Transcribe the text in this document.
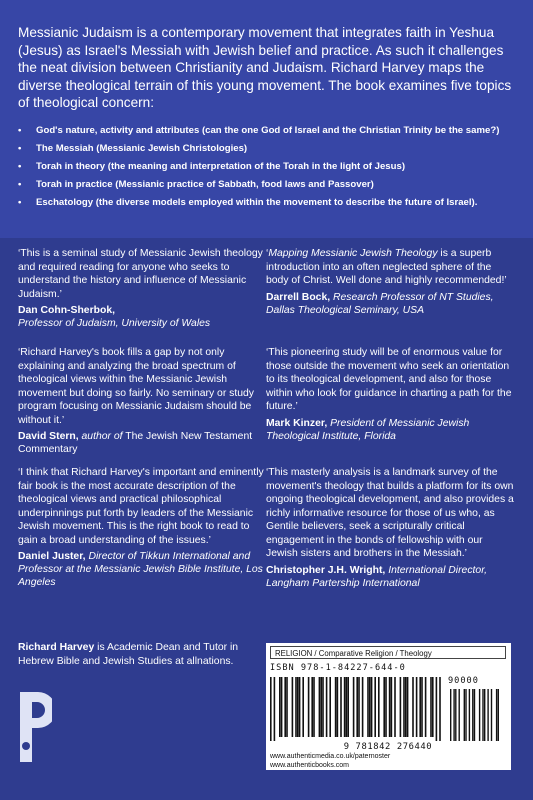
Messianic Judaism is a contemporary movement that integrates faith in Yeshua (Jesus) as Israel's Messiah with Jewish belief and practice. As such it challenges the neat division between Christianity and Judaism. Richard Harvey maps the diverse theological terrain of this young movement. The book examines five topics of theological concern:

• God's nature, activity and attributes (can the one God of Israel and the Christian Trinity be the same?)
• The Messiah (Messianic Jewish Christologies)
• Torah in theory (the meaning and interpretation of the Torah in the light of Jesus)
• Torah in practice (Messianic practice of Sabbath, food laws and Passover)
• Eschatology (the diverse models employed within the movement to describe the future of Israel).

‘This is a seminal study of Messianic Jewish theology and required reading for anyone who seeks to understand the history and influence of Messianic Judaism.’

Dan Cohn-Sherbok,
Professor of Judaism, University of Wales

‘Mapping Messianic Jewish Theology is a superb introduction into an often neglected sphere of the body of Christ. Well done and highly recommended!’

Darrell Bock, Research Professor of NT Studies, Dallas Theological Seminary, USA

‘Richard Harvey's book fills a gap by not only explaining and analyzing the broad spectrum of theological views within the Messianic Jewish movement but doing so fairly. No seminary or study program focusing on Messianic Judaism should be without it.’

David Stern, author of The Jewish New Testament Commentary

‘This pioneering study will be of enormous value for those outside the movement who seek an orientation to its theological development, and also for those within who look for guidance in charting a path for the future.’

Mark Kinzer, President of Messianic Jewish Theological Institute, Florida

‘I think that Richard Harvey's important and eminently fair book is the most accurate description of the theological views and practical philosophical underpinnings put forth by leaders of the Messianic Jewish movement. This is the right book to read to gain a broad understanding of the issues.’

Daniel Juster, Director of Tikkun International and Professor at the Messianic Jewish Bible Institute, Los Angeles

‘This masterly analysis is a landmark survey of the movement's theology that builds a platform for its own ongoing theological development, and also provides a richly informative resource for those of us who, as Gentile believers, seek a scripturally critical engagement in the bonds of fellowship with our Jewish sisters and brothers in the Messiah.’

Christopher J.H. Wright, International Director, Langham Partership International

Richard Harvey is Academic Dean and Tutor in Hebrew Bible and Jewish Studies at allnations.

RELIGION / Comparative Religion / Theology
ISBN 978-1-84227-644-0
90000
9 781842 276440
www.authenticmedia.co.uk/paternoster
www.authenticbooks.com
